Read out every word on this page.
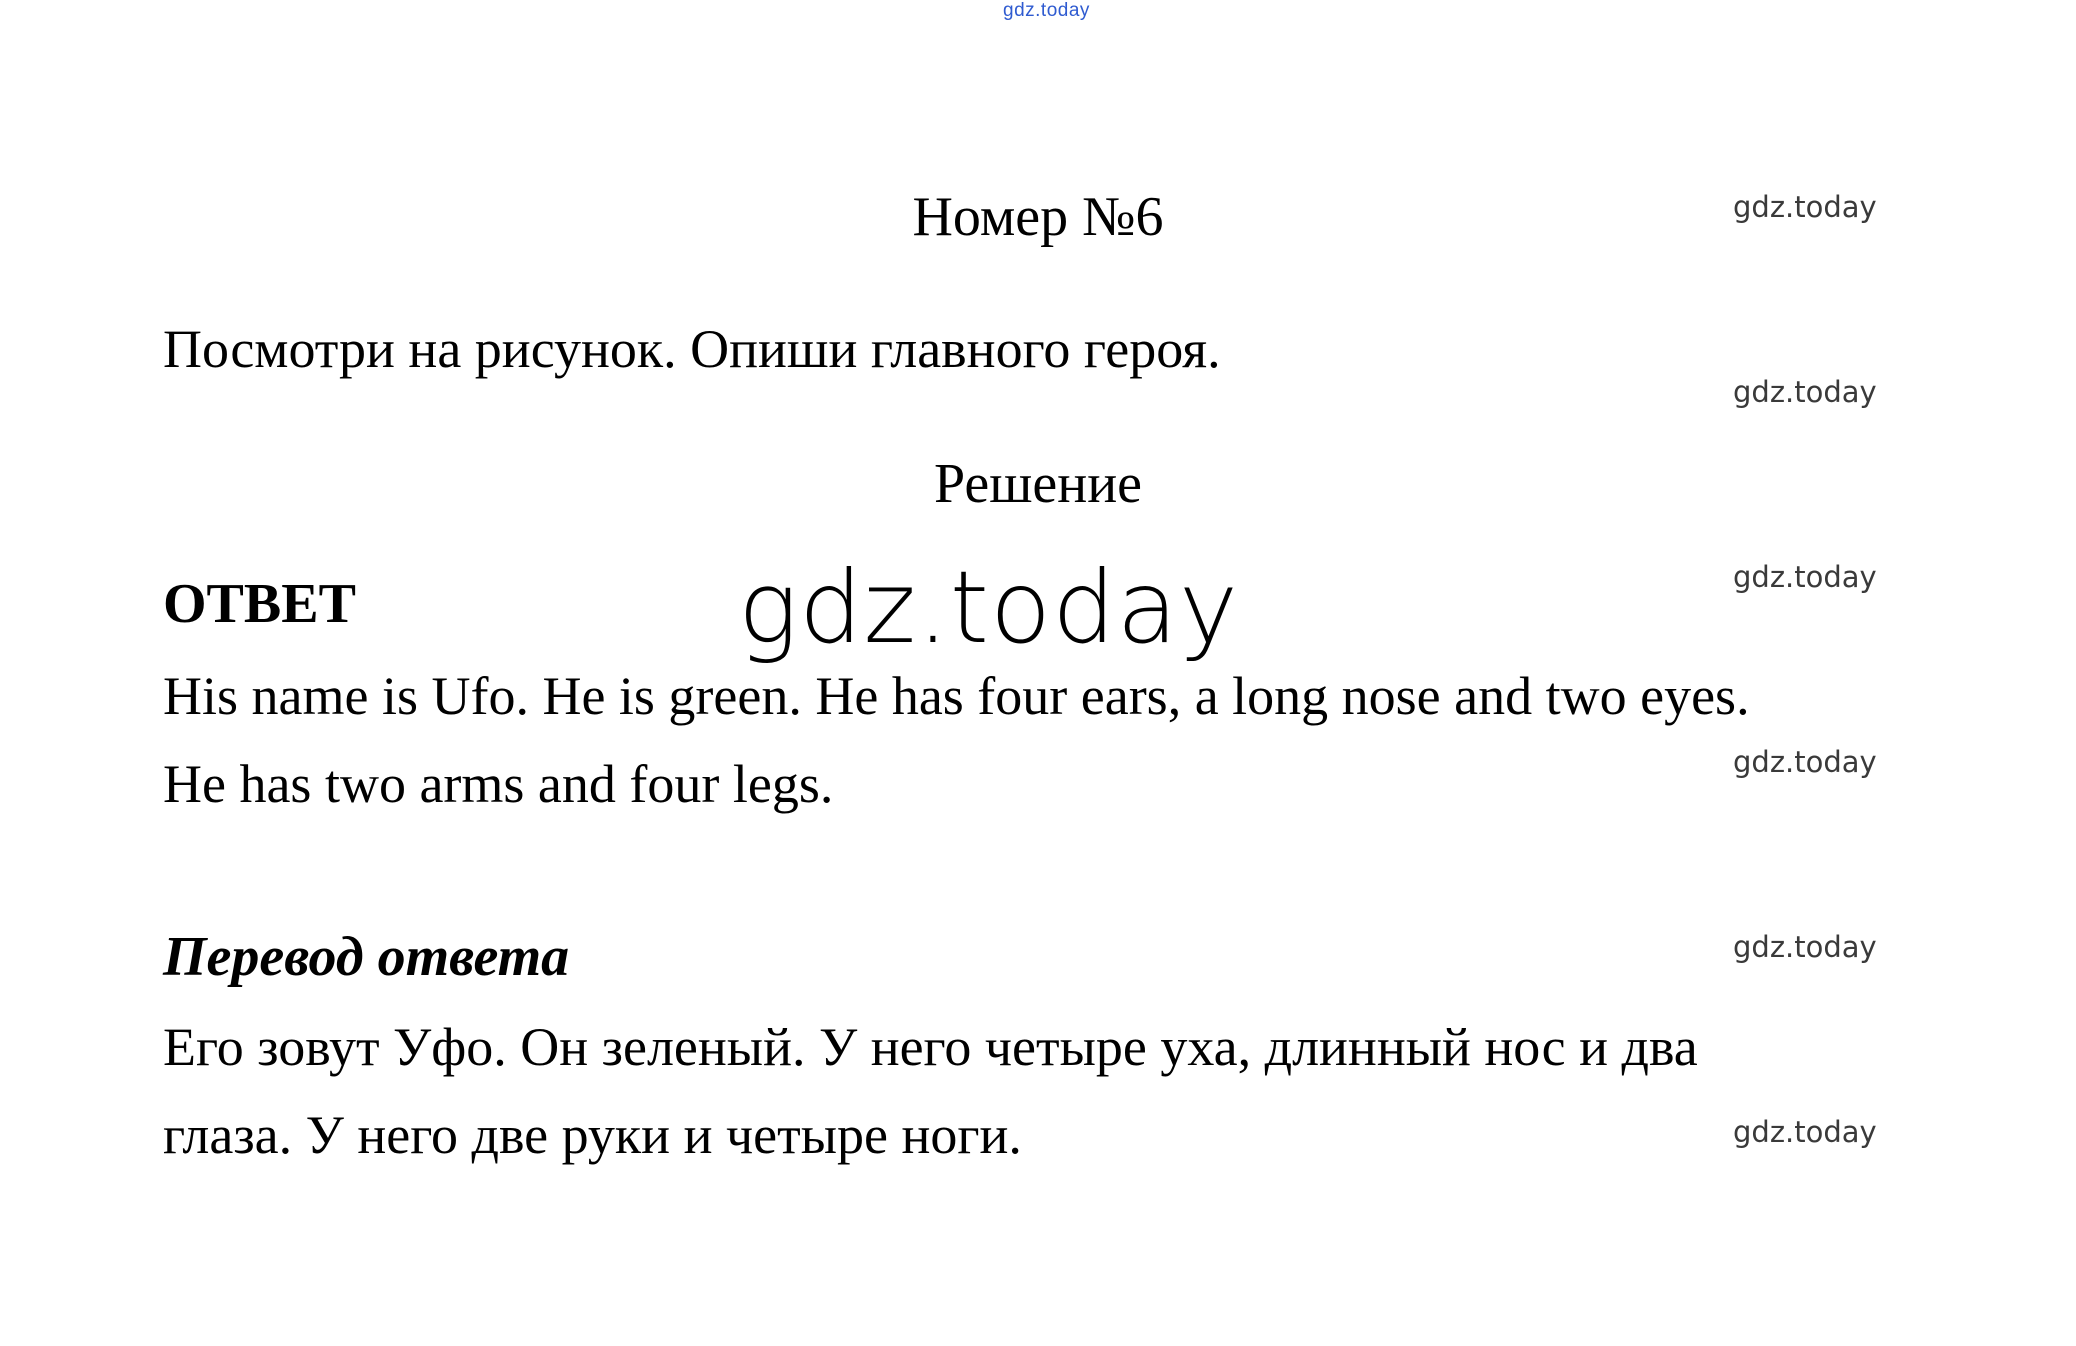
gdz.today
gdz.today
gdz.today
gdz.today
gdz.today
gdz.today
gdz.today
Номер №6
Посмотри на рисунок. Опиши главного героя.
Решение
ОТВЕТ	gdz.today
His name is Ufo. He is green. He has four ears, a long nose and two eyes.
He has two arms and four legs.
Перевод ответа
Его зовут Уфо. Он зеленый. У него четыре уха, длинный нос и два
глаза. У него две руки и четыре ноги.
